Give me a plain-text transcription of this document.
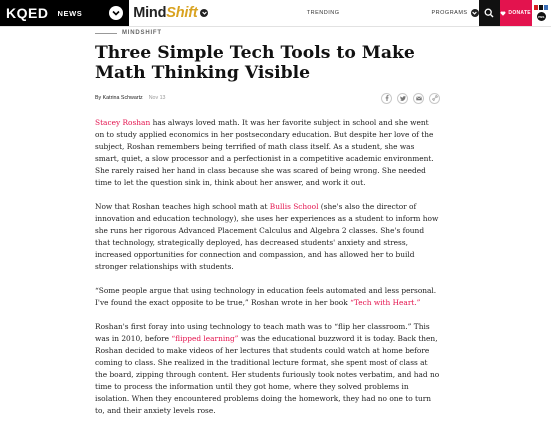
KQED NEWS	MindShift	TRENDING	PROGRAMS	DONATE
PBS
MINDSHIFT
Three Simple Tech Tools to Make Math Thinking Visible
By Katrina Schwartz Nov 13

Stacey Roshan has always loved math. It was her favorite subject in school and she went on to study applied economics in her postsecondary education. But despite her love of the subject, Roshan remembers being terrified of math class itself. As a student, she was smart, quiet, a slow processor and a perfectionist in a competitive academic environment. She rarely raised her hand in class because she was scared of being wrong. She needed time to let the question sink in, think about her answer, and work it out.

Now that Roshan teaches high school math at Bullis School (she's also the director of innovation and education technology), she uses her experiences as a student to inform how she runs her rigorous Advanced Placement Calculus and Algebra 2 classes. She's found that technology, strategically deployed, has decreased students' anxiety and stress, increased opportunities for connection and compassion, and has allowed her to build stronger relationships with students.

“Some people argue that using technology in education feels automated and less personal. I've found the exact opposite to be true,” Roshan wrote in her book “Tech with Heart.”

Roshan's first foray into using technology to teach math was to “flip her classroom.” This was in 2010, before “flipped learning” was the educational buzzword it is today. Back then, Roshan decided to make videos of her lectures that students could watch at home before coming to class. She realized in the traditional lecture format, she spent most of class at the board, zipping through content. Her students furiously took notes verbatim, and had no time to process the information until they got home, where they solved problems in isolation. When they encountered problems doing the homework, they had no one to turn to, and their anxiety levels rose.
